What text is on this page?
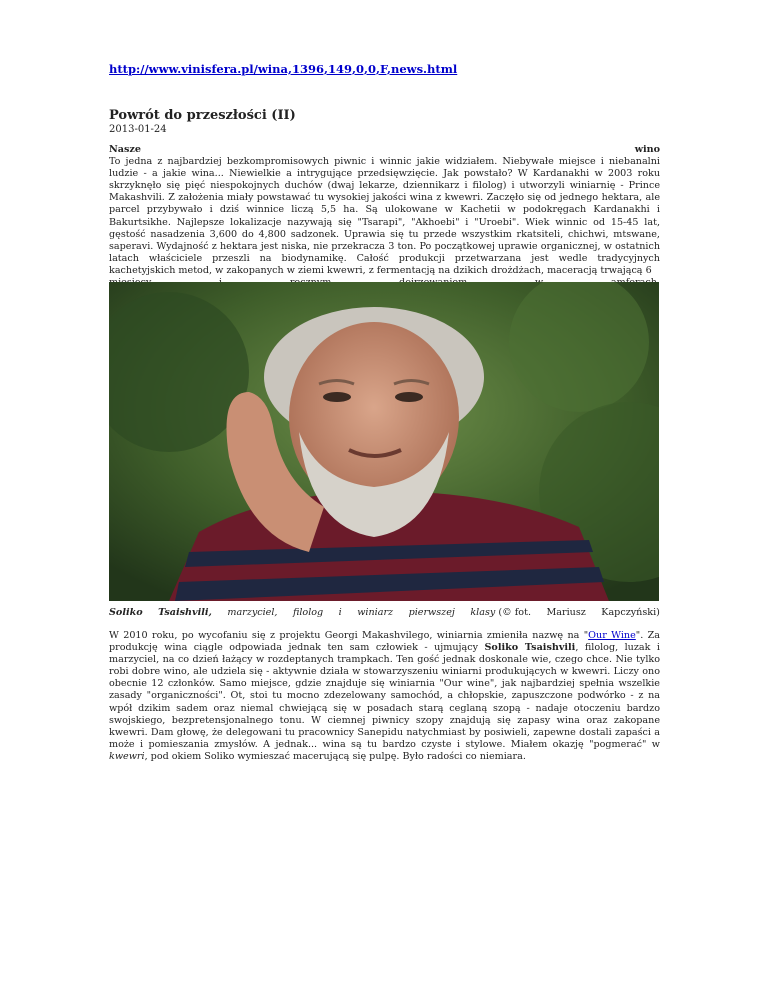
http://www.vinisfera.pl/wina,1396,149,0,0,F,news.html
Powrót do przeszłości (II)
2013-01-24
Nasze	wino
To jedna z najbardziej bezkompromisowych piwnic i winnic jakie widziałem. Niebywałe miejsce i niebanalni ludzie - a jakie wina... Niewielkie a intrygujące przedsięwzięcie. Jak powstało? W Kardanakhi w 2003 roku skrzyknęło się pięć niespokojnych duchów (dwaj lekarze, dziennikarz i filolog) i utworzyli winiarnię - Prince Makashvili. Z założenia miały powstawać tu wysokiej jakości wina z kwewri. Zaczęło się od jednego hektara, ale parcel przybywało i dziś winnice liczą 5,5 ha. Są ulokowane w Kachetii w podokręgach Kardanakhi i Bakurtsikhe. Najlepsze lokalizacje nazywają się "Tsarapi", "Akhoebi" i "Uroebi". Wiek winnic od 15-45 lat, gęstość nasadzenia 3,600 do 4,800 sadzonek. Uprawia się tu przede wszystkim rkatsiteli, chichwi, mtswane, saperavi. Wydajność z hektara jest niska, nie przekracza 3 ton. Po początkowej uprawie organicznej, w ostatnich latach właściciele przeszli na biodynamikę. Całość produkcji przetwarzana jest wedle tradycyjnych kachetyjskich metod, w zakopanych w ziemi kwewri, z fermentacją na dzikich drożdżach, maceracją trwającą 6
Soliko Tsaishvili, marzyciel, filolog i winiarz pierwszej klasy (© fot. Mariusz Kapczyński)
W 2010 roku, po wycofaniu się z projektu Georgi Makashvilego, winiarnia zmieniła nazwę na "Our Wine". Za produkcję wina ciągle odpowiada jednak ten sam człowiek - ujmujący Soliko Tsaishvili, filolog, luzak i marzyciel, na co dzień łażący w rozdeptanych trampkach. Ten gość jednak doskonale wie, czego chce. Nie tylko robi dobre wino, ale udziela się - aktywnie działa w stowarzyszeniu winiarni produkujących w kwewri. Liczy ono obecnie 12 członków. Samo miejsce, gdzie znajduje się winiarnia "Our wine", jak najbardziej spełnia wszelkie zasady "organiczności". Ot, stoi tu mocno zdezelowany samochód, a chłopskie, zapuszczone podwórko - z na wpół dzikim sadem oraz niemal chwiejącą się w posadach starą ceglaną szopą - nadaje otoczeniu bardzo swojskiego, bezpretensjonalnego tonu. W ciemnej piwnicy szopy znajdują się zapasy wina oraz zakopane kwewri. Dam głowę, że delegowani tu pracownicy Sanepidu natychmiast by posiwieli, zapewne dostali zapaści a może i pomieszania zmysłów. A jednak... wina są tu bardzo czyste i stylowe. Miałem okazję "pogmerać" w kwewri, pod okiem Soliko wymieszać macerującą się pulpę. Było radości co niemiara.
